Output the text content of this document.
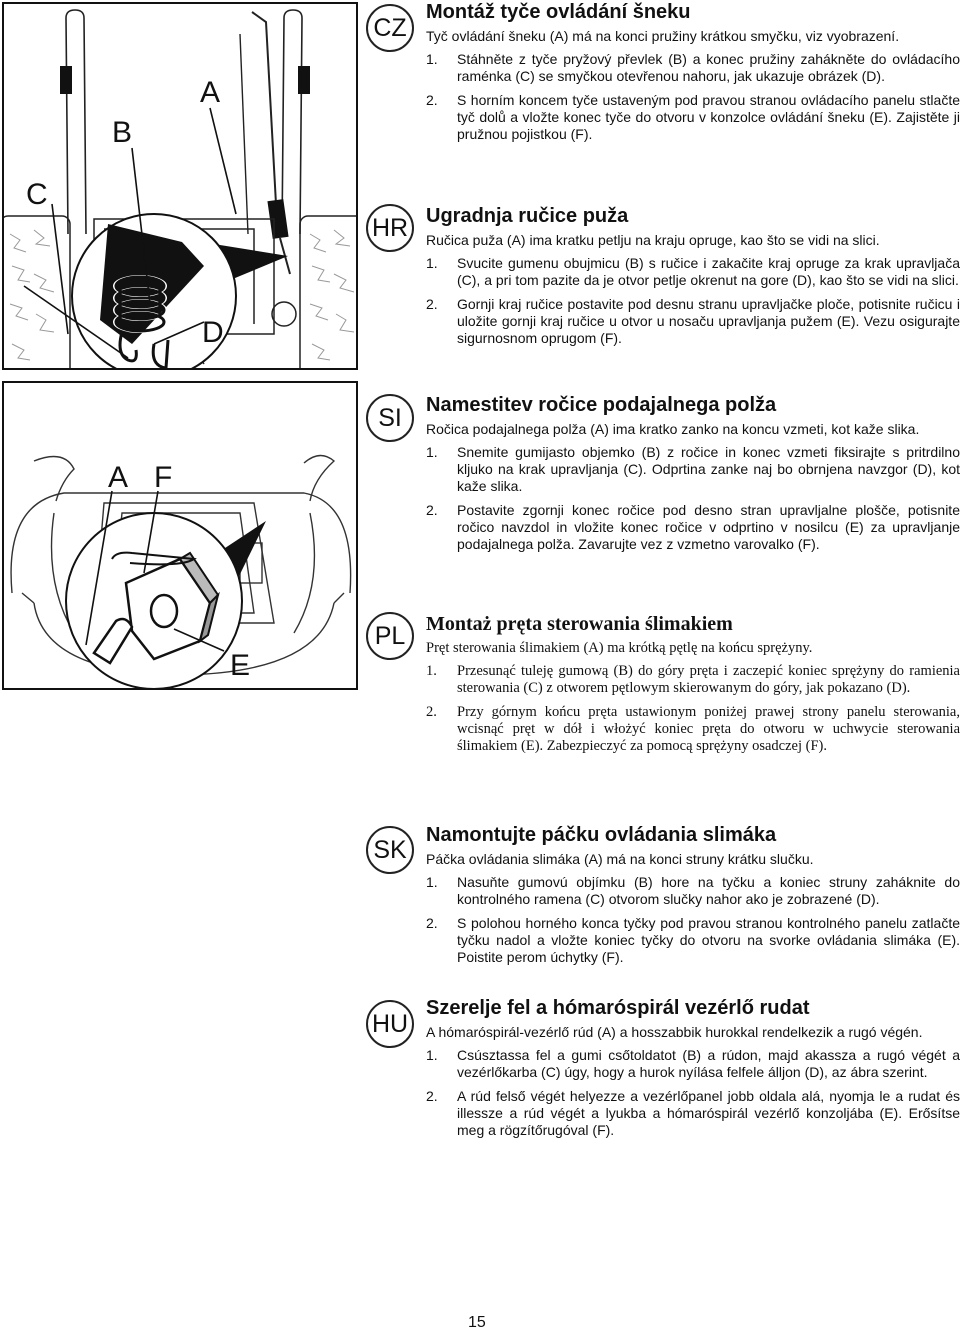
A
B
C
D
A F
E
CZ
HR
SI
PL
SK
HU
Montáž tyče ovládání šneku

Tyč ovládání šneku (A) má na konci pružiny krátkou smyčku, viz vyobrazení.

1. Stáhněte z tyče pryžový převlek (B) a konec pružiny zahákněte do ovládacího raménka (C) se smyčkou otevřenou nahoru, jak ukazuje obrázek (D).
2. S horním koncem tyče ustaveným pod pravou stranou ovládacího panelu stlačte tyč dolů a vložte konec tyče do otvoru v konzolce ovládání šneku (E). Zajistěte ji pružnou pojistkou (F).
Ugradnja ručice puža

Ručica puža (A) ima kratku petlju na kraju opruge, kao što se vidi na slici.

1. Svucite gumenu obujmicu (B) s ručice i zakačite kraj opruge za krak upravljača (C), a pri tom pazite da je otvor petlje okrenut na gore (D), kao što se vidi na slici.
2. Gornji kraj ručice postavite pod desnu stranu upravljačke ploče, potisnite ručicu i uložite gornji kraj ručice u otvor u nosaču upravljanja pužem (E). Vezu osigurajte sigurnosnom oprugom (F).
Namestitev ročice podajalnega polža

Ročica podajalnega polža (A) ima kratko zanko na koncu vzmeti, kot kaže slika.

1. Snemite gumijasto objemko (B) z ročice in konec vzmeti fiksirajte s pritrdilno kljuko na krak upravljanja (C). Odprtina zanke naj bo obrnjena navzgor (D), kot kaže slika.
2. Postavite zgornji konec ročice pod desno stran upravljalne plošče, potisnite ročico navzdol in vložite konec ročice v odprtino v nosilcu (E) za upravljanje podajalnega polža. Zavarujte vez z vzmetno varovalko (F).
Montaż pręta sterowania ślimakiem

Pręt sterowania ślimakiem (A) ma krótką pętlę na końcu sprężyny.

1. Przesunąć tuleję gumową (B) do góry pręta i zaczepić koniec sprężyny do ramienia sterowania (C) z otworem pętlowym skierowanym do góry, jak pokazano (D).
2. Przy górnym końcu pręta ustawionym poniżej prawej strony panelu sterowania, wcisnąć pręt w dół i włożyć koniec pręta do otworu w uchwycie sterowania ślimakiem (E). Zabezpieczyć za pomocą sprężyny osadczej (F).
Namontujte páčku ovládania slimáka

Páčka ovládania slimáka (A) má na konci struny krátku slučku.

1. Nasuňte gumovú objímku (B) hore na tyčku a koniec struny zaháknite do kontrolného ramena (C) otvorom slučky nahor ako je zobrazené (D).
2. S polohou horného konca tyčky pod pravou stranou kontrolného panelu zatlačte tyčku nadol a vložte koniec tyčky do otvoru na svorke ovládania slimáka (E). Poistite perom úchytky (F).
Szerelje fel a hómaróspirál vezérlő rudat

A hómaróspirál-vezérlő rúd (A) a hosszabbik hurokkal rendelkezik a rugó végén.

1. Csúsztassa fel a gumi csőtoldatot (B) a rúdon, majd akassza a rugó végét a vezérlőkarba (C) úgy, hogy a hurok nyílása felfele álljon (D), az ábra szerint.
2. A rúd felső végét helyezze a vezérlőpanel jobb oldala alá, nyomja le a rudat és illessze a rúd végét a lyukba a hómaróspirál vezérlő konzoljába (E). Erősítse meg a rögzítőrugóval (F).
15
